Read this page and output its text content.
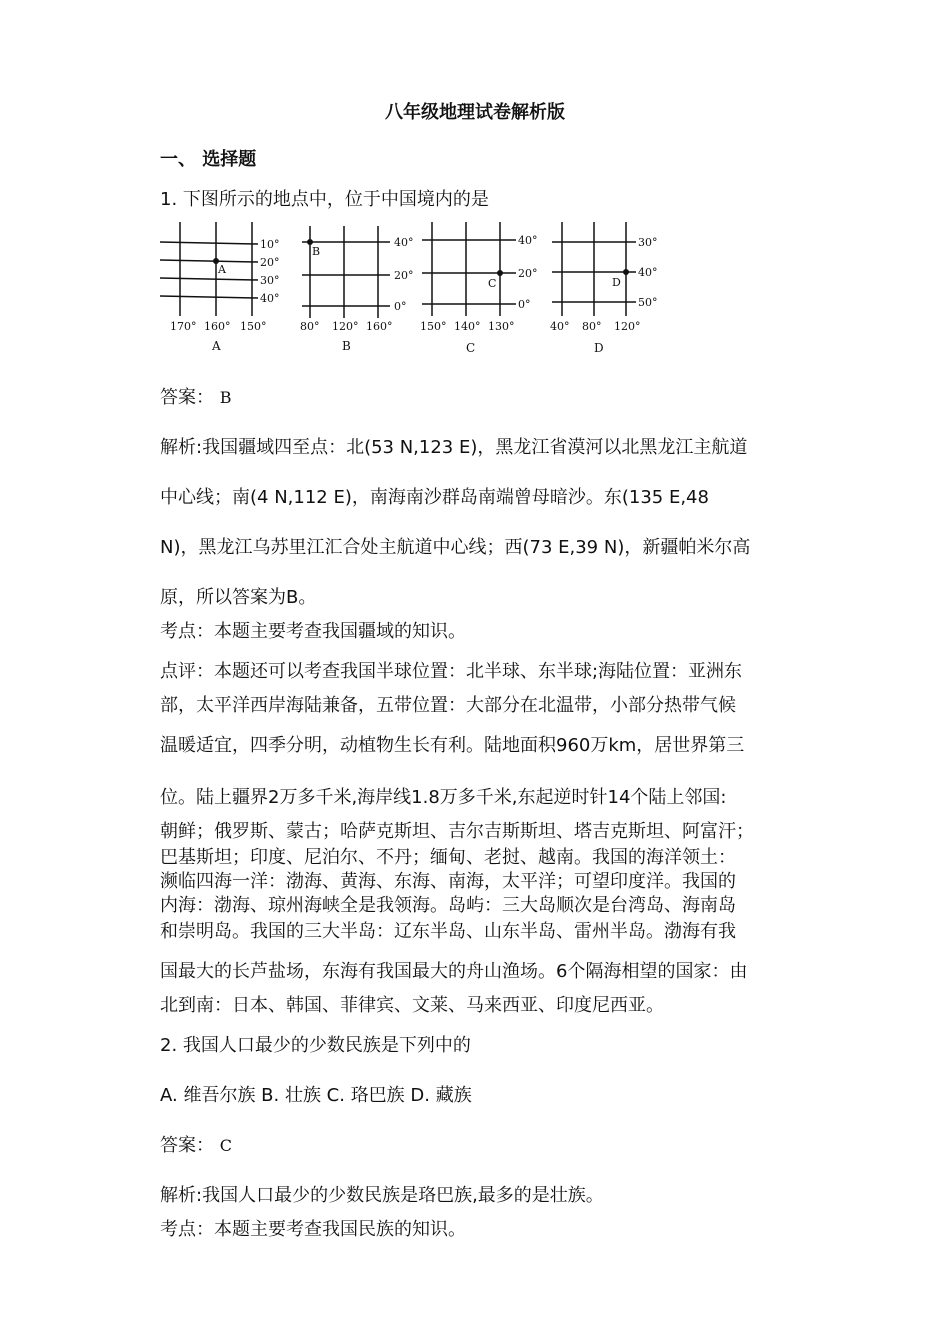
八年级地理试卷解析版
一、 选择题
1. 下图所示的地点中，位于中国境内的是
A
10°
20°
30°
40°
170° 160° 150°
A
B
40°
20°
0°
80° 120° 160°
B
C
40°
20°
0°
150° 140° 130°
C
D
30°
40°
50°
40° 80° 120°
D
答案： B
解析:我国疆域四至点：北(53 N,123 E)，黑龙江省漠河以北黑龙江主航道
中心线；南(4 N,112 E)，南海南沙群岛南端曾母暗沙。东(135 E,48
N)，黑龙江乌苏里江汇合处主航道中心线；西(73 E,39 N)，新疆帕米尔高
原，所以答案为B。
考点：本题主要考查我国疆域的知识。
点评：本题还可以考查我国半球位置：北半球、东半球;海陆位置：亚洲东
部，太平洋西岸海陆兼备，五带位置：大部分在北温带，小部分热带气候
温暖适宜，四季分明，动植物生长有利。陆地面积960万km，居世界第三
位。陆上疆界2万多千米,海岸线1.8万多千米,东起逆时针14个陆上邻国:
朝鲜；俄罗斯、蒙古；哈萨克斯坦、吉尔吉斯斯坦、塔吉克斯坦、阿富汗；
巴基斯坦；印度、尼泊尔、不丹；缅甸、老挝、越南。我国的海洋领土：
濒临四海一洋：渤海、黄海、东海、南海，太平洋；可望印度洋。我国的
内海：渤海、琼州海峡全是我领海。岛屿：三大岛顺次是台湾岛、海南岛
和崇明岛。我国的三大半岛：辽东半岛、山东半岛、雷州半岛。渤海有我
国最大的长芦盐场，东海有我国最大的舟山渔场。6个隔海相望的国家：由
北到南：日本、韩国、菲律宾、文莱、马来西亚、印度尼西亚。
2. 我国人口最少的少数民族是下列中的
A. 维吾尔族 B. 壮族 C. 珞巴族 D. 藏族
答案： C
解析:我国人口最少的少数民族是珞巴族,最多的是壮族。
考点：本题主要考查我国民族的知识。
